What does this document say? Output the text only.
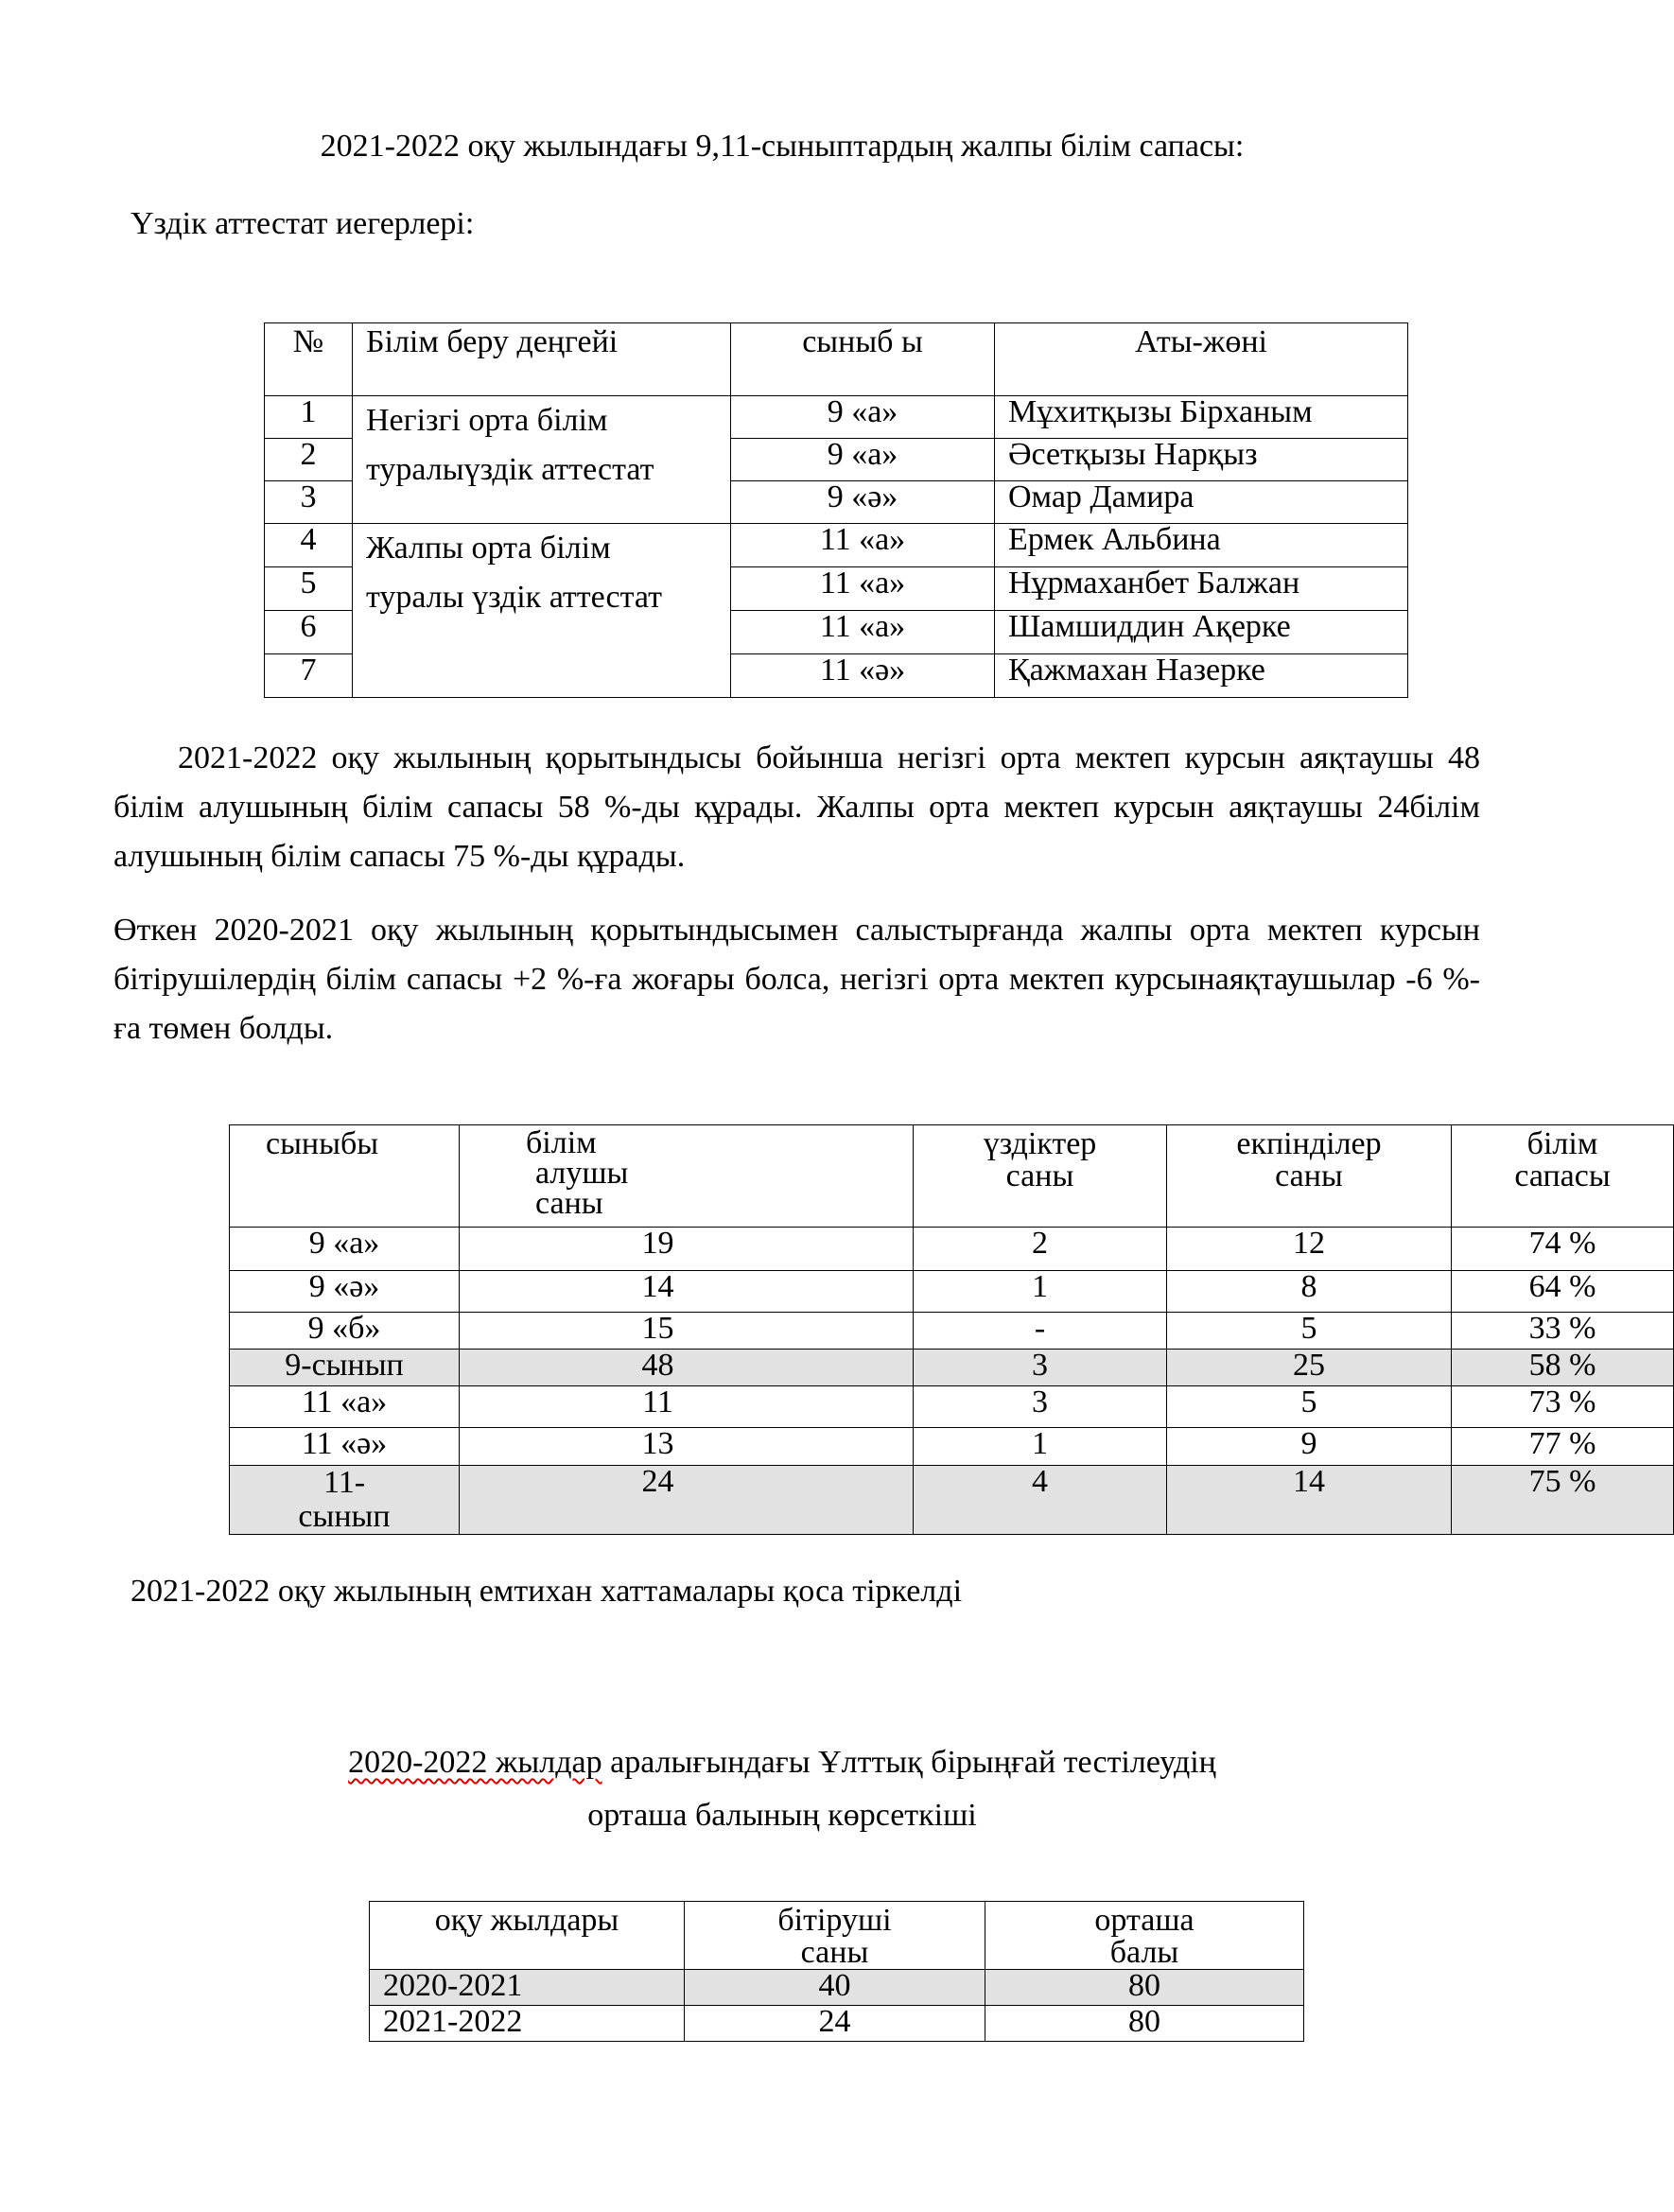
2021-2022 оқу жылындағы 9,11-сыныптардың жалпы білім сапасы:
Үздік аттестат иегерлері:
№	Білім беру деңгейі	сыныб ы	Аты-жөні
1	Негізгі орта білім туралыүздік аттестат	9 «а»	Мұхитқызы Бірханым
2		9 «а»	Әсетқызы Нарқыз
3		9 «ә»	Омар Дамира
4	Жалпы орта білім туралы үздік аттестат	11 «а»	Ермек Альбина
5		11 «а»	Нұрмаханбет Балжан
6		11 «а»	Шамшиддин Ақерке
7		11 «ә»	Қажмахан Назерке
2021-2022 оқу жылының қорытындысы бойынша негізгі орта мектеп курсын аяқтаушы 48 білім алушының білім сапасы 58 %-ды құрады. Жалпы орта мектеп курсын аяқтаушы 24білім алушының білім сапасы 75 %-ды құрады.
Өткен 2020-2021 оқу жылының қорытындысымен салыстырғанда жалпы орта мектеп курсын бітірушілердің білім сапасы +2 %-ға жоғары болса, негізгі орта мектеп курсынаяқтаушылар -6 %-ға төмен болды.
сыныбы	білім алушы саны	үздіктер саны	екпінділер саны	білім сапасы
9 «а»	19	2	12	74 %
9 «ә»	14	1	8	64 %
9 «б»	15	-	5	33 %
9-сынып	48	3	25	58 %
11 «а»	11	3	5	73 %
11 «ә»	13	1	9	77 %
11- сынып	24	4	14	75 %
2021-2022 оқу жылының емтихан хаттамалары қоса тіркелді
2020-2022 жылдар аралығындағы Ұлттық бірыңғай тестілеудің
орташа балының көрсеткіші
оқу жылдары	бітіруші саны	орташа балы
2020-2021	40	80
2021-2022	24	80
